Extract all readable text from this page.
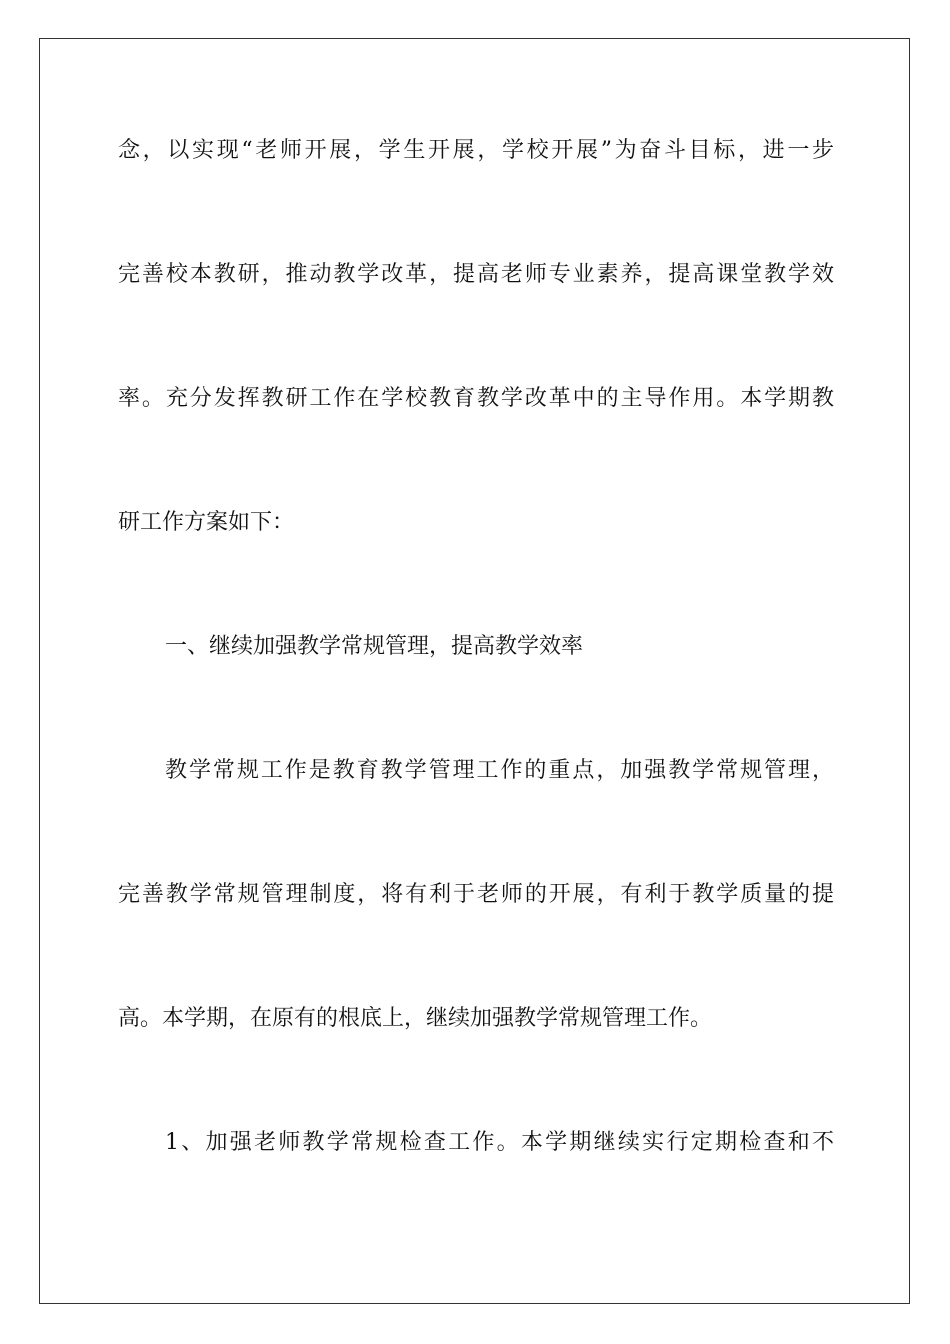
念，以实现“老师开展，学生开展，学校开展”为奋斗目标，进一步
完善校本教研，推动教学改革，提高老师专业素养，提高课堂教学效
率。充分发挥教研工作在学校教育教学改革中的主导作用。本学期教
研工作方案如下：
一、继续加强教学常规管理，提高教学效率
教学常规工作是教育教学管理工作的重点，加强教学常规管理，
完善教学常规管理制度，将有利于老师的开展，有利于教学质量的提
高。本学期，在原有的根底上，继续加强教学常规管理工作。
1、加强老师教学常规检查工作。本学期继续实行定期检查和不
